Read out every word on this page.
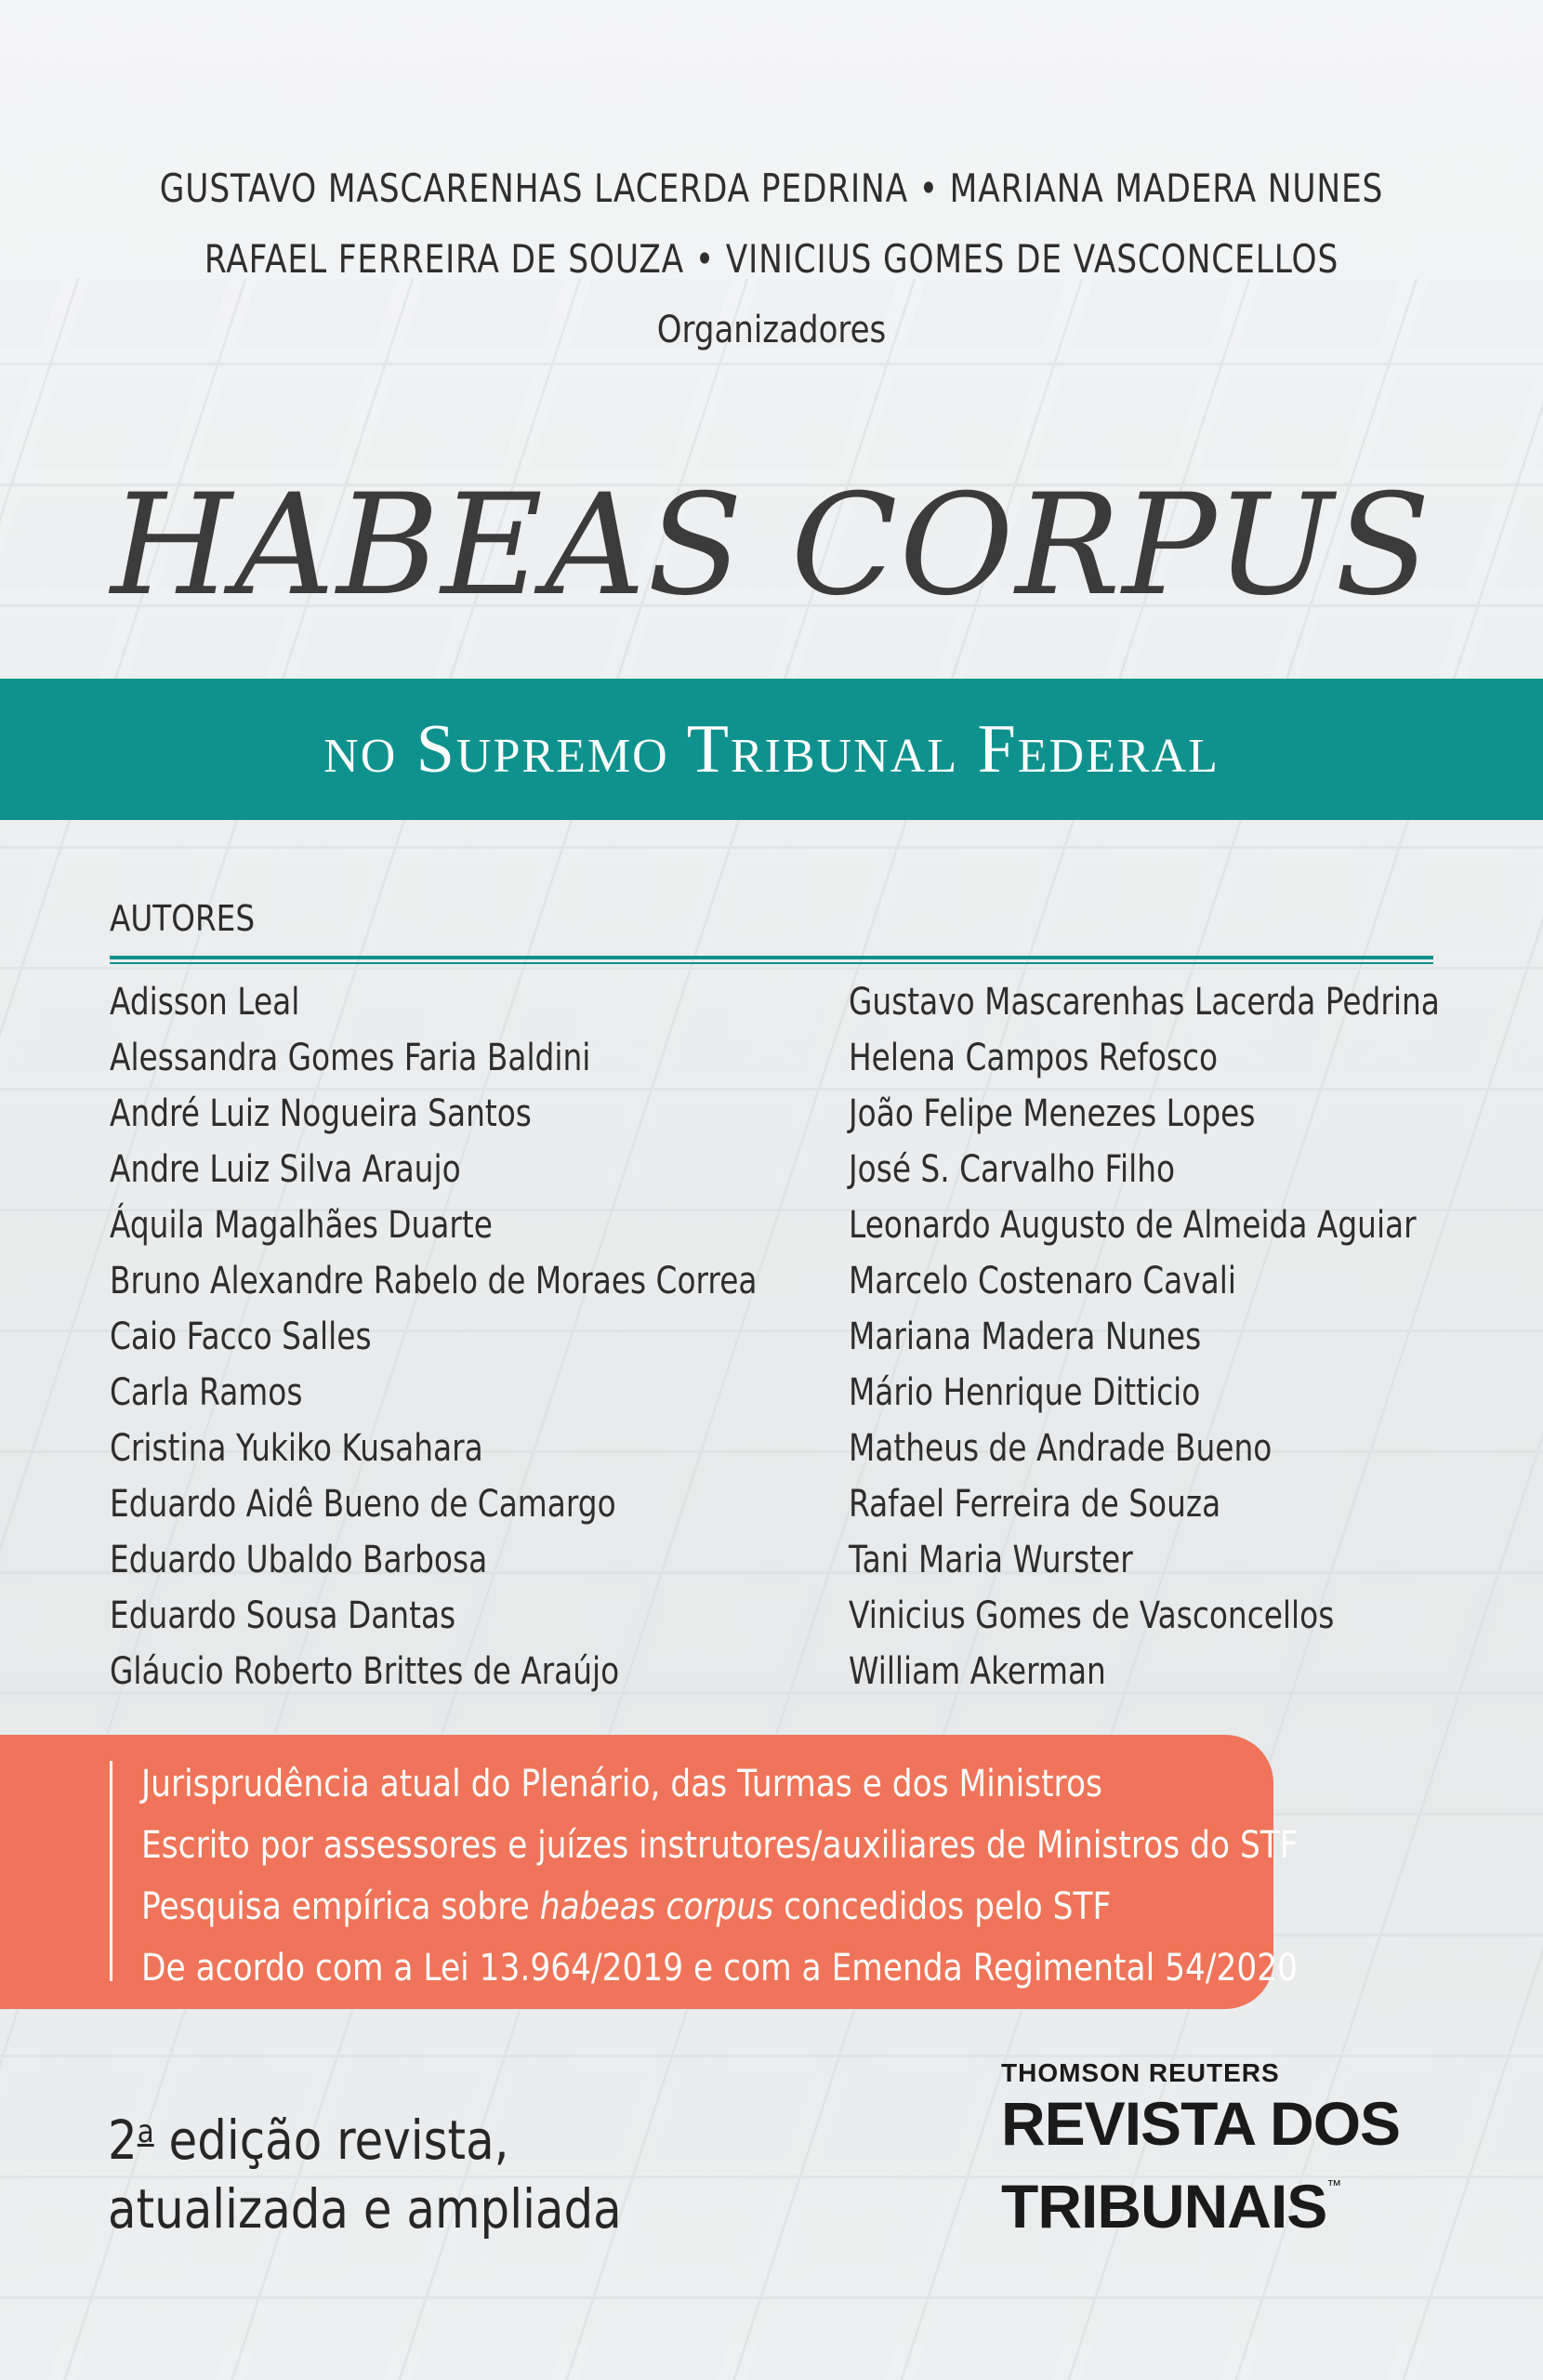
GUSTAVO MASCARENHAS LACERDA PEDRINA • MARIANA MADERA NUNES
RAFAEL FERREIRA DE SOUZA • VINICIUS GOMES DE VASCONCELLOS
Organizadores
HABEAS CORPUS
no Supremo Tribunal Federal
AUTORES
Adisson Leal
Alessandra Gomes Faria Baldini
André Luiz Nogueira Santos
Andre Luiz Silva Araujo
Áquila Magalhães Duarte
Bruno Alexandre Rabelo de Moraes Correa
Caio Facco Salles
Carla Ramos
Cristina Yukiko Kusahara
Eduardo Aidê Bueno de Camargo
Eduardo Ubaldo Barbosa
Eduardo Sousa Dantas
Gláucio Roberto Brittes de Araújo
Gustavo Mascarenhas Lacerda Pedrina
Helena Campos Refosco
João Felipe Menezes Lopes
José S. Carvalho Filho
Leonardo Augusto de Almeida Aguiar
Marcelo Costenaro Cavali
Mariana Madera Nunes
Mário Henrique Ditticio
Matheus de Andrade Bueno
Rafael Ferreira de Souza
Tani Maria Wurster
Vinicius Gomes de Vasconcellos
William Akerman
Jurisprudência atual do Plenário, das Turmas e dos Ministros
Escrito por assessores e juízes instrutores/auxiliares de Ministros do STF
Pesquisa empírica sobre habeas corpus concedidos pelo STF
De acordo com a Lei 13.964/2019 e com a Emenda Regimental 54/2020
2$^a$ edição revista,
atualizada e ampliada
THOMSON REUTERS
REVISTA DOS
TRIBUNAIS™
